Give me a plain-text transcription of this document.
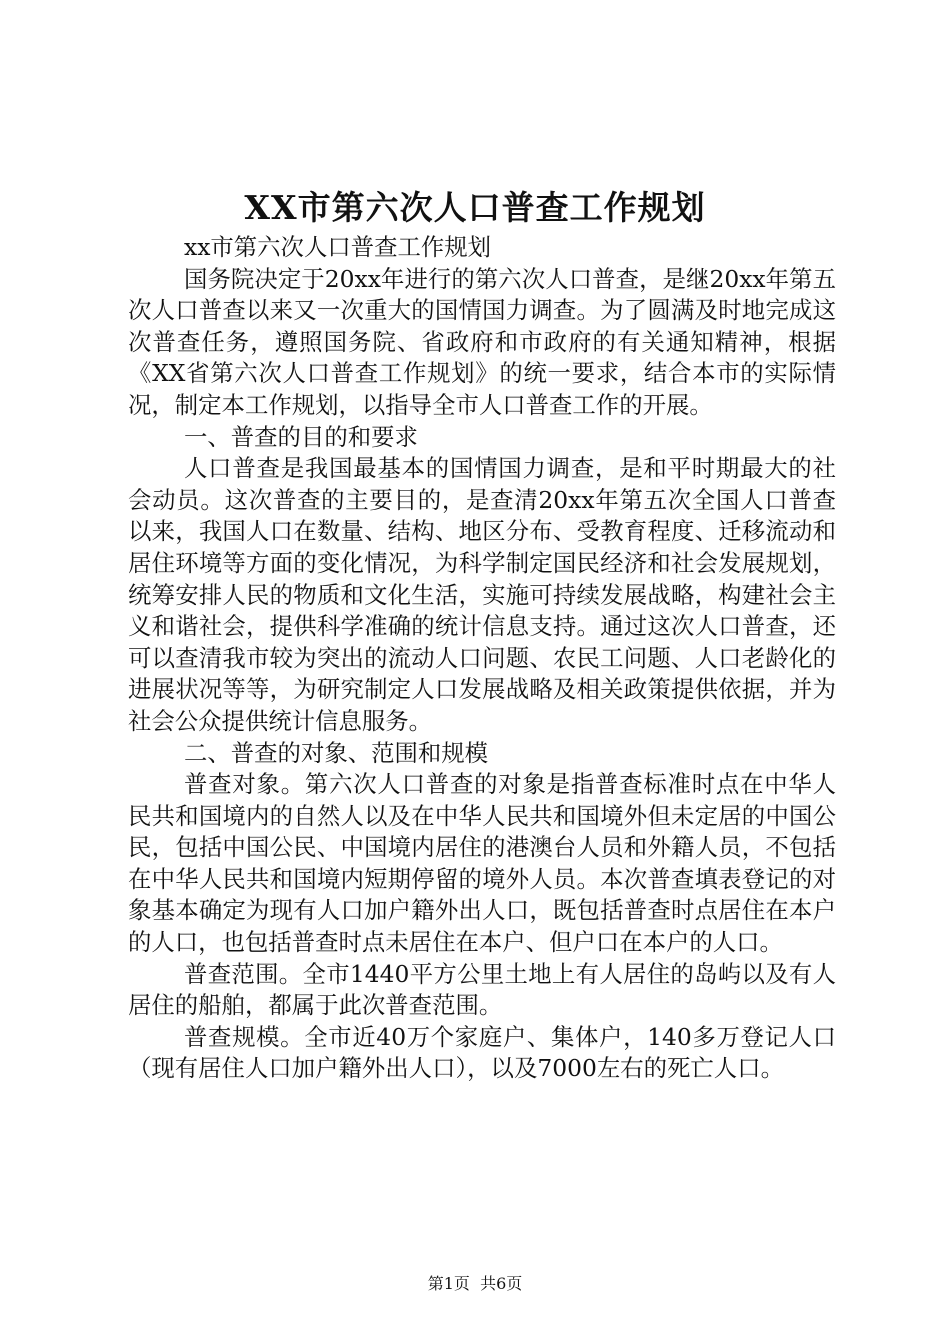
XX市第六次人口普查工作规划

xx市第六次人口普查工作规划

国务院决定于20xx年进行的第六次人口普查，是继20xx年第五次人口普查以来又一次重大的国情国力调查。为了圆满及时地完成这次普查任务，遵照国务院、省政府和市政府的有关通知精神，根据《XX省第六次人口普查工作规划》的统一要求，结合本市的实际情况，制定本工作规划，以指导全市人口普查工作的开展。

一、普查的目的和要求

人口普查是我国最基本的国情国力调查，是和平时期最大的社会动员。这次普查的主要目的，是查清20xx年第五次全国人口普查以来，我国人口在数量、结构、地区分布、受教育程度、迁移流动和居住环境等方面的变化情况，为科学制定国民经济和社会发展规划，统筹安排人民的物质和文化生活，实施可持续发展战略，构建社会主义和谐社会，提供科学准确的统计信息支持。通过这次人口普查，还可以查清我市较为突出的流动人口问题、农民工问题、人口老龄化的进展状况等等，为研究制定人口发展战略及相关政策提供依据，并为社会公众提供统计信息服务。

二、普查的对象、范围和规模

普查对象。第六次人口普查的对象是指普查标准时点在中华人民共和国境内的自然人以及在中华人民共和国境外但未定居的中国公民，包括中国公民、中国境内居住的港澳台人员和外籍人员，不包括在中华人民共和国境内短期停留的境外人员。本次普查填表登记的对象基本确定为现有人口加户籍外出人口，既包括普查时点居住在本户的人口，也包括普查时点未居住在本户、但户口在本户的人口。

普查范围。全市1440平方公里土地上有人居住的岛屿以及有人居住的船舶，都属于此次普查范围。

普查规模。全市近40万个家庭户、集体户，140多万登记人口（现有居住人口加户籍外出人口），以及7000左右的死亡人口。

第1页 共6页
